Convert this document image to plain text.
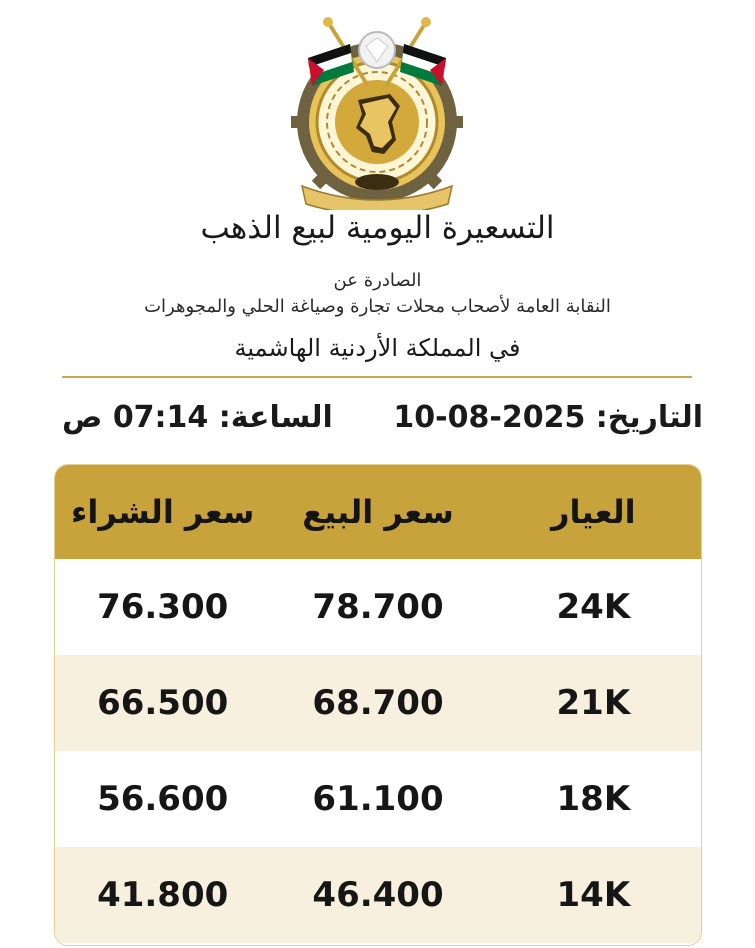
التسعيرة اليومية لبيع الذهب
الصادرة عن
النقابة العامة لأصحاب محلات تجارة وصياغة الحلي والمجوهرات
في المملكة الأردنية الهاشمية
التاريخ: 10-08-2025
الساعة: 07:14 ص
العيار
سعر البيع
سعر الشراء
24K
78.700
76.300
21K
68.700
66.500
18K
61.100
56.600
14K
46.400
41.800
